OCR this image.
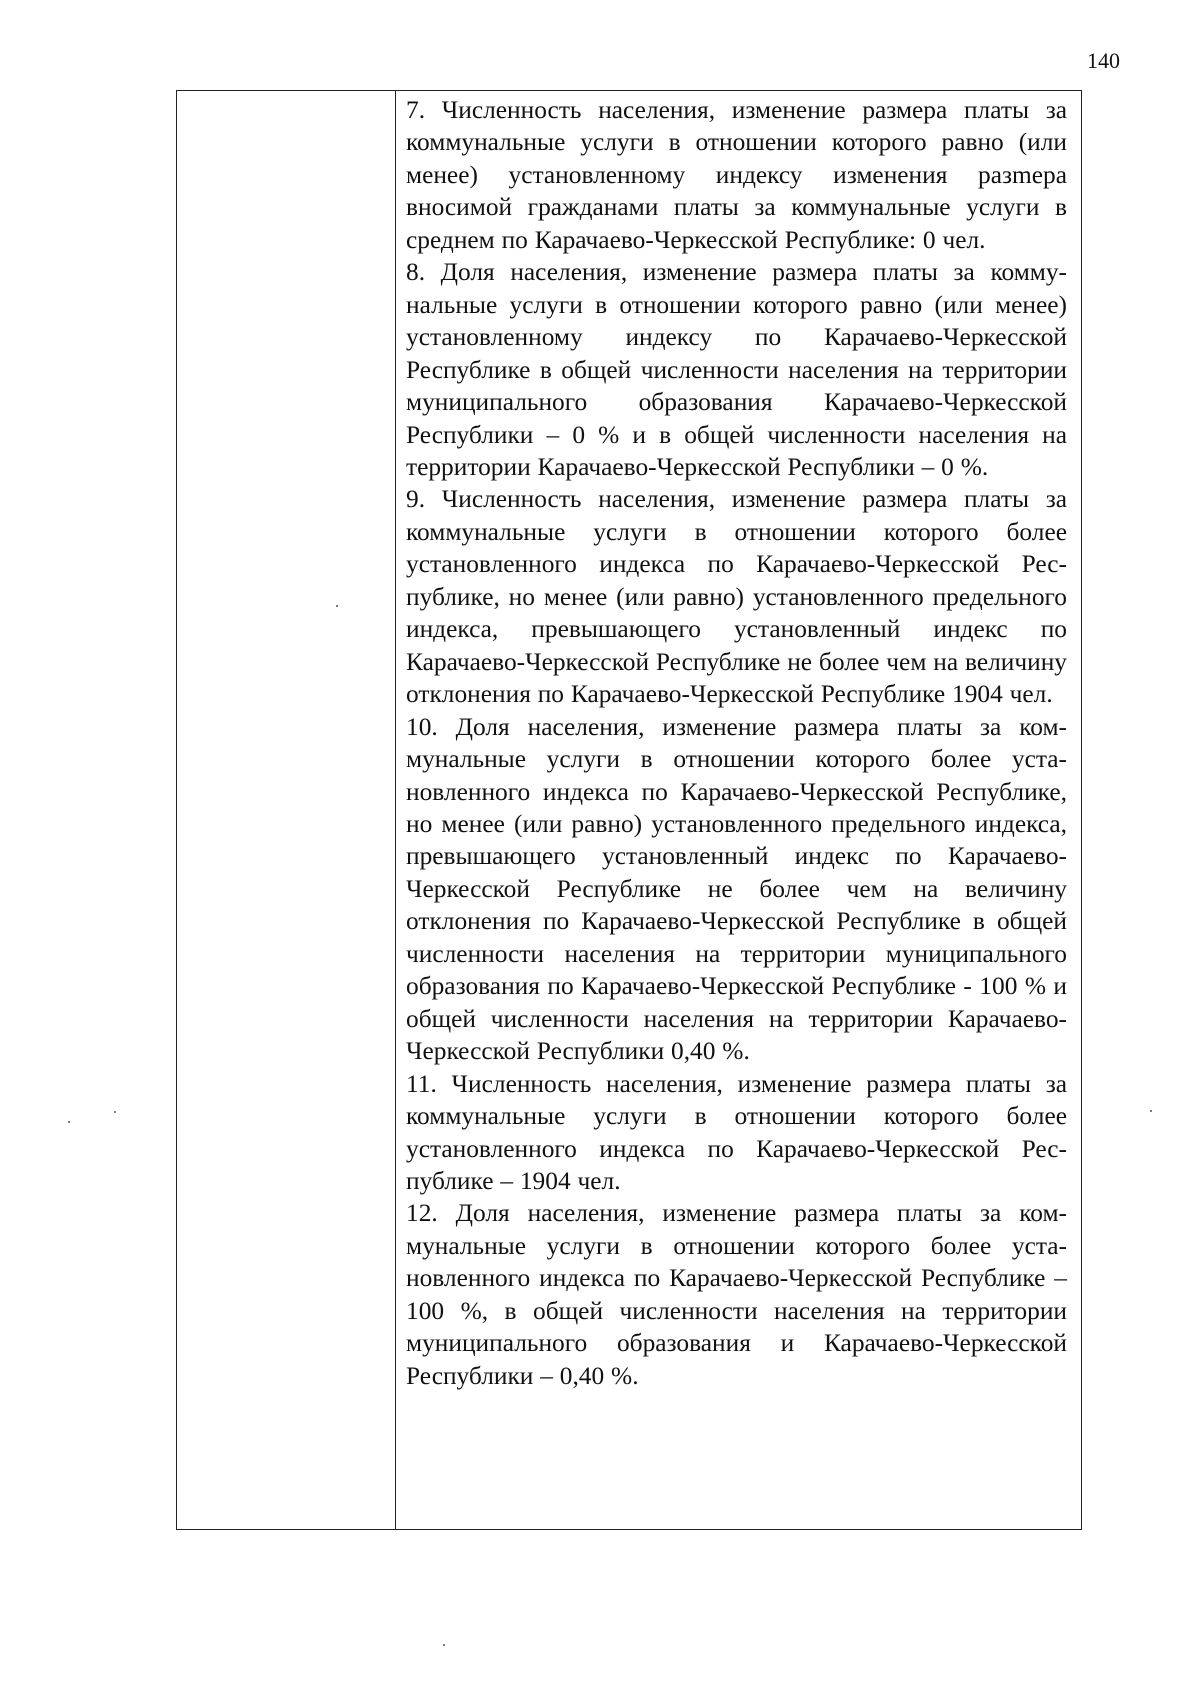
140

7. Численность населения, изменение размера платы за коммунальные услуги в отношении которого равно (или менее) установленному индексу изменения разmера вносимой гражданами платы за коммунальные услуги в среднем по Карачаево-Черкесской Республике: 0 чел.

8. Доля населения, изменение размера платы за коммунальные услуги в отношении которого равно (или менее) установленному индексу по Карачаево-Черкесской Республике в общей численности населения на территории муниципального образования Карачаево-Черкесской Республики – 0 % и в общей численности населения на территории Карачаево-Черкесской Республики – 0 %.

9. Численность населения, изменение размера платы за коммунальные услуги в отношении которого более установленного индекса по Карачаево-Черкесской Республике, но менее (или равно) установленного предельного индекса, превышающего установленный индекс по Карачаево-Черкесской Республике не более чем на величину отклонения по Карачаево-Черкесской Республике 1904 чел.

10. Доля населения, изменение размера платы за коммунальные услуги в отношении которого более установленного индекса по Карачаево-Черкесской Республике, но менее (или равно) установленного предельного индекса, превышающего установленный индекс по Карачаево-Черкесской Республике не более чем на величину отклонения по Карачаево-Черкесской Республике в общей численности населения на территории муниципального образования по Карачаево-Черкесской Республике - 100 % и общей численности населения на территории Карачаево-Черкесской Республики 0,40 %.

11. Численность населения, изменение размера платы за коммунальные услуги в отношении которого более установленного индекса по Карачаево-Черкесской Республике – 1904 чел.

12. Доля населения, изменение размера платы за коммунальные услуги в отношении которого более установленного индекса по Карачаево-Черкесской Республике – 100 %, в общей численности населения на территории муниципального образования и Карачаево-Черкесской Республики – 0,40 %.
